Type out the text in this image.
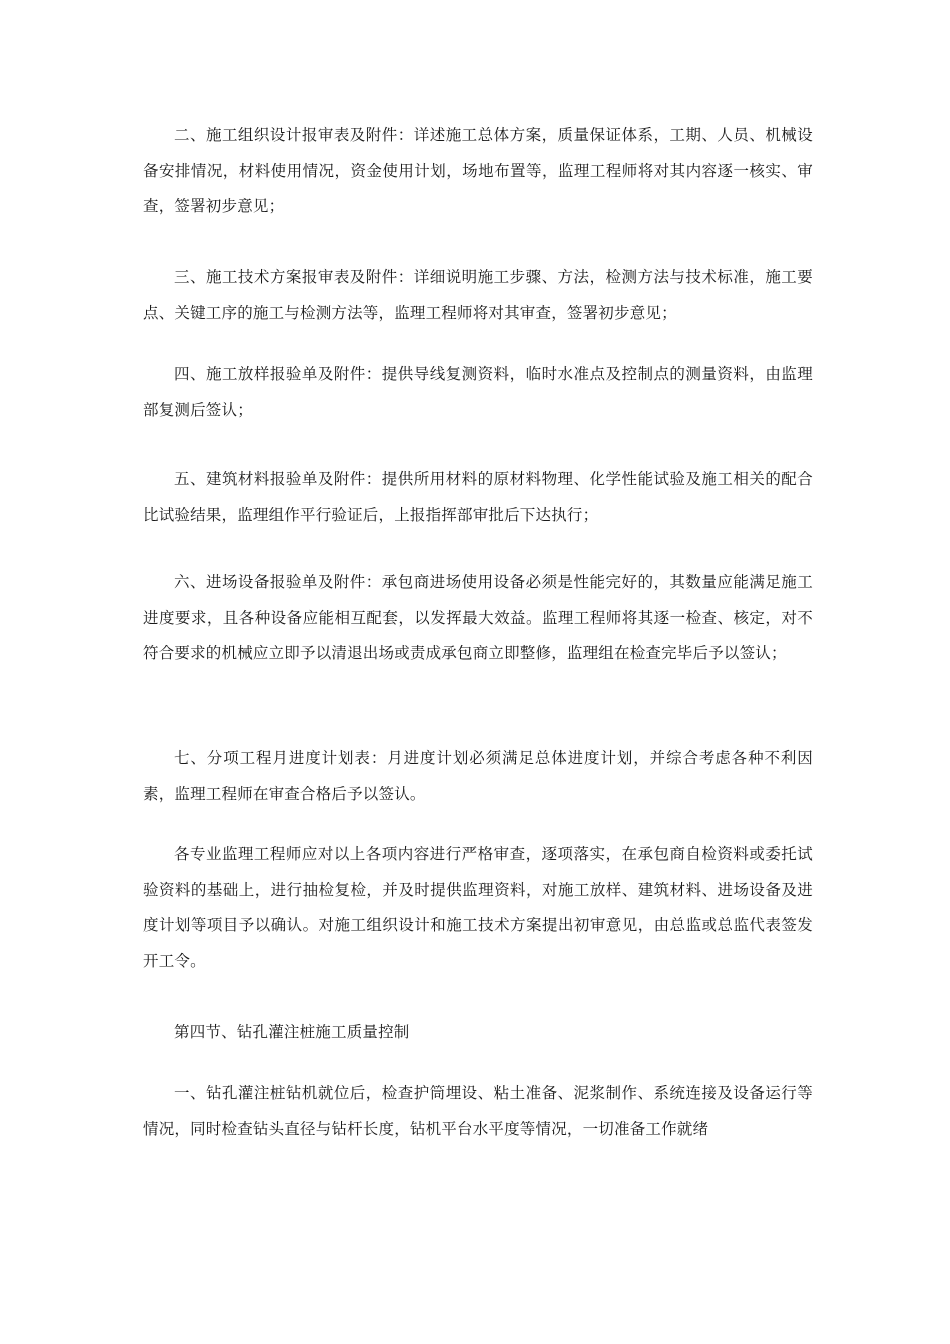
二、施工组织设计报审表及附件：详述施工总体方案，质量保证体系，工期、人员、机械设备安排情况，材料使用情况，资金使用计划，场地布置等，监理工程师将对其内容逐一核实、审查，签署初步意见；

三、施工技术方案报审表及附件：详细说明施工步骤、方法，检测方法与技术标准，施工要点、关键工序的施工与检测方法等，监理工程师将对其审查，签署初步意见；

四、施工放样报验单及附件：提供导线复测资料，临时水准点及控制点的测量资料，由监理部复测后签认；

五、建筑材料报验单及附件：提供所用材料的原材料物理、化学性能试验及施工相关的配合比试验结果，监理组作平行验证后，上报指挥部审批后下达执行；

六、进场设备报验单及附件：承包商进场使用设备必须是性能完好的，其数量应能满足施工进度要求，且各种设备应能相互配套，以发挥最大效益。监理工程师将其逐一检查、核定，对不符合要求的机械应立即予以清退出场或责成承包商立即整修，监理组在检查完毕后予以签认；

七、分项工程月进度计划表：月进度计划必须满足总体进度计划，并综合考虑各种不利因素，监理工程师在审查合格后予以签认。

各专业监理工程师应对以上各项内容进行严格审查，逐项落实，在承包商自检资料或委托试验资料的基础上，进行抽检复检，并及时提供监理资料，对施工放样、建筑材料、进场设备及进度计划等项目予以确认。对施工组织设计和施工技术方案提出初审意见，由总监或总监代表签发开工令。

第四节、钻孔灌注桩施工质量控制

一、钻孔灌注桩钻机就位后，检查护筒埋设、粘土准备、泥浆制作、系统连接及设备运行等情况，同时检查钻头直径与钻杆长度，钻机平台水平度等情况，一切准备工作就绪
